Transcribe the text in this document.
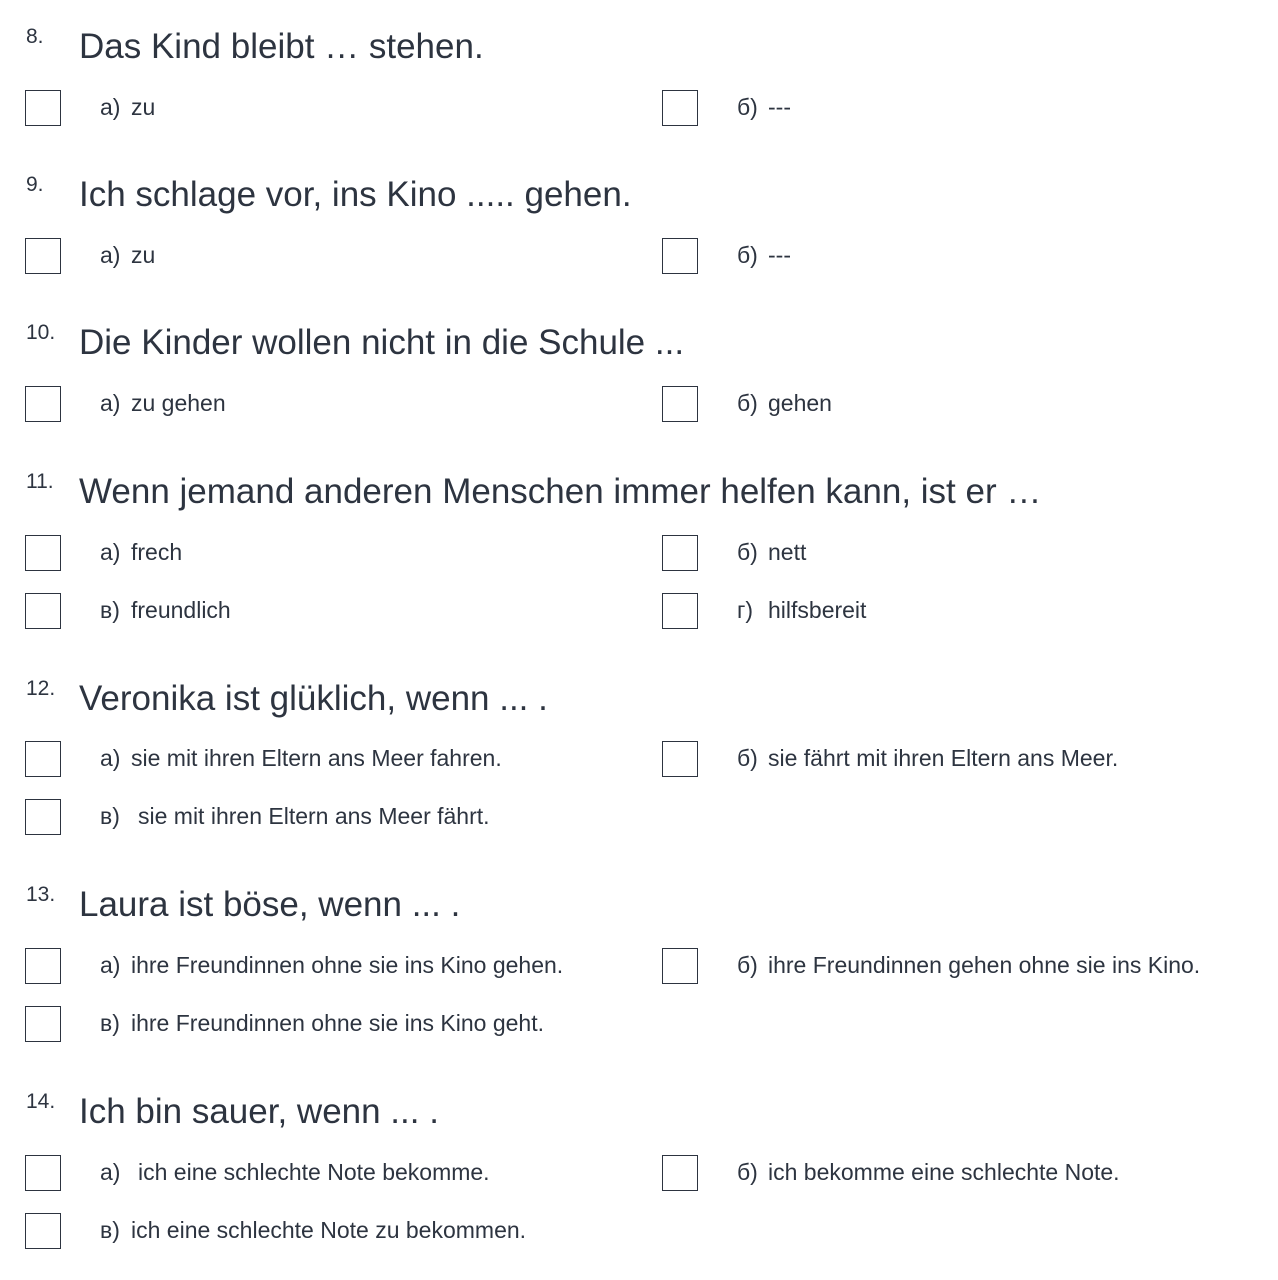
8. Das Kind bleibt … stehen.
а) zu	б) ---
9. Ich schlage vor, ins Kino ..... gehen.
а) zu	б) ---
10. Die Kinder wollen nicht in die Schule ...
а) zu gehen	б) gehen
11. Wenn jemand anderen Menschen immer helfen kann, ist er …
а) frech	б) nett
в) freundlich	г) hilfsbereit
12. Veronika ist glüklich, wenn ... .
а) sie mit ihren Eltern ans Meer fahren.	б) sie fährt mit ihren Eltern ans Meer.
в) sie mit ihren Eltern ans Meer fährt.
13. Laura ist böse, wenn ... .
а) ihre Freundinnen ohne sie ins Kino gehen.	б) ihre Freundinnen gehen ohne sie ins Kino.
в) ihre Freundinnen ohne sie ins Kino geht.
14. Ich bin sauer, wenn ... .
а) ich eine schlechte Note bekomme.	б) ich bekomme eine schlechte Note.
в) ich eine schlechte Note zu bekommen.
